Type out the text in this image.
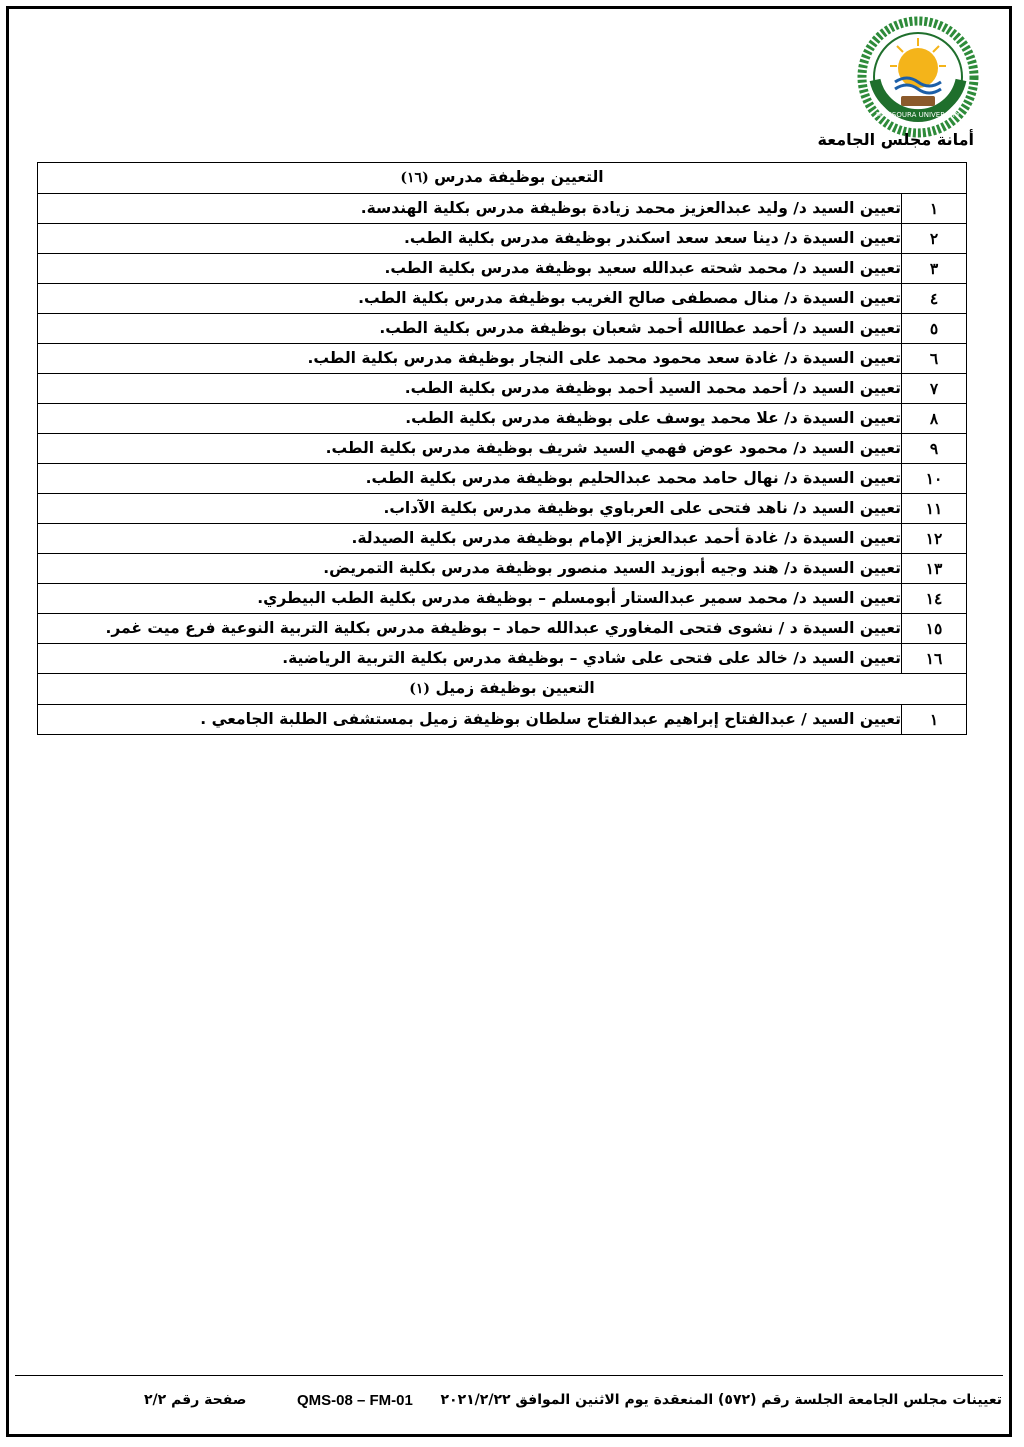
MANSOURA UNIVERSITY
أمانة مجلس الجامعة
التعيين بوظيفة مدرس (١٦)	
١	تعيين السيد د/ وليد عبدالعزيز محمد زيادة بوظيفة مدرس بكلية الهندسة.
٢	تعيين السيدة د/ دينا سعد سعد اسكندر بوظيفة مدرس بكلية الطب.
٣	تعيين السيد د/ محمد شحته عبدالله سعيد بوظيفة مدرس بكلية الطب.
٤	تعيين السيدة د/ منال مصطفى صالح الغريب بوظيفة مدرس بكلية الطب.
٥	تعيين السيد د/ أحمد عطاالله أحمد شعبان بوظيفة مدرس بكلية الطب.
٦	تعيين السيدة د/ غادة سعد محمود محمد على النجار بوظيفة مدرس بكلية الطب.
٧	تعيين السيد د/ أحمد محمد السيد أحمد بوظيفة مدرس بكلية الطب.
٨	تعيين السيدة د/ علا محمد يوسف على بوظيفة مدرس بكلية الطب.
٩	تعيين السيد د/ محمود عوض فهمي السيد شريف بوظيفة مدرس بكلية الطب.
١٠	تعيين السيدة د/ نهال حامد محمد عبدالحليم بوظيفة مدرس بكلية الطب.
١١	تعيين السيد د/ ناهد فتحى على العرباوي بوظيفة مدرس بكلية الآداب.
١٢	تعيين السيدة د/ غادة أحمد عبدالعزيز الإمام بوظيفة مدرس بكلية الصيدلة.
١٣	تعيين السيدة د/ هند وجيه أبوزيد السيد منصور بوظيفة مدرس بكلية التمريض.
١٤	تعيين السيد د/ محمد سمير عبدالستار أبومسلم – بوظيفة مدرس بكلية الطب البيطري.
١٥	تعيين السيدة د / نشوى فتحى المغاوري عبدالله حماد – بوظيفة مدرس بكلية التربية النوعية فرع ميت غمر.
١٦	تعيين السيد د/ خالد على فتحى على شادي – بوظيفة مدرس بكلية التربية الرياضية.
التعيين بوظيفة زميل (١)	
١	تعيين السيد / عبدالفتاح إبراهيم عبدالفتاح سلطان بوظيفة زميل بمستشفى الطلبة الجامعي .
تعيينات مجلس الجامعة الجلسة رقم (٥٧٢) المنعقدة يوم الاثنين الموافق ٢٠٢١/٢/٢٢
QMS-08 – FM-01
صفحة رقم ٢/٢
